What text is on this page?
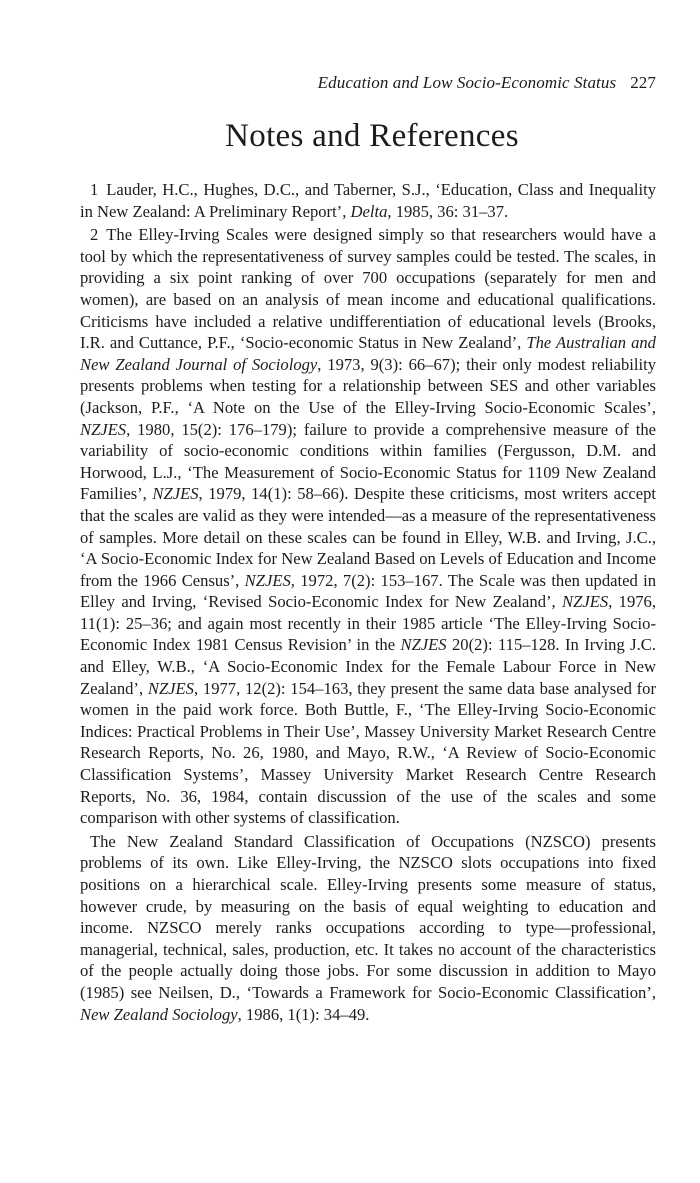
Education and Low Socio-Economic Status 227
Notes and References

1 Lauder, H.C., Hughes, D.C., and Taberner, S.J., ‘Education, Class and Inequality in New Zealand: A Preliminary Report’, Delta, 1985, 36: 31–37.

2 The Elley-Irving Scales were designed simply so that researchers would have a tool by which the representativeness of survey samples could be tested. The scales, in providing a six point ranking of over 700 occupations (separately for men and women), are based on an analysis of mean income and educational qualifications. Criticisms have included a relative undifferentiation of educational levels (Brooks, I.R. and Cuttance, P.F., ‘Socio-economic Status in New Zealand’, The Australian and New Zealand Journal of Sociology, 1973, 9(3): 66–67); their only modest reliability presents problems when testing for a relationship between SES and other variables (Jackson, P.F., ‘A Note on the Use of the Elley-Irving Socio-Economic Scales’, NZJES, 1980, 15(2): 176–179); failure to provide a comprehensive measure of the variability of socio-economic conditions within families (Fergusson, D.M. and Horwood, L.J., ‘The Measurement of Socio-Economic Status for 1109 New Zealand Families’, NZJES, 1979, 14(1): 58–66). Despite these criticisms, most writers accept that the scales are valid as they were intended—as a measure of the representativeness of samples. More detail on these scales can be found in Elley, W.B. and Irving, J.C., ‘A Socio-Economic Index for New Zealand Based on Levels of Education and Income from the 1966 Census’, NZJES, 1972, 7(2): 153–167. The Scale was then updated in Elley and Irving, ‘Revised Socio-Economic Index for New Zealand’, NZJES, 1976, 11(1): 25–36; and again most recently in their 1985 article ‘The Elley-Irving Socio-Economic Index 1981 Census Revision’ in the NZJES 20(2): 115–128. In Irving J.C. and Elley, W.B., ‘A Socio-Economic Index for the Female Labour Force in New Zealand’, NZJES, 1977, 12(2): 154–163, they present the same data base analysed for women in the paid work force. Both Buttle, F., ‘The Elley-Irving Socio-Economic Indices: Practical Problems in Their Use’, Massey University Market Research Centre Research Reports, No. 26, 1980, and Mayo, R.W., ‘A Review of Socio-Economic Classification Systems’, Massey University Market Research Centre Research Reports, No. 36, 1984, contain discussion of the use of the scales and some comparison with other systems of classification.

The New Zealand Standard Classification of Occupations (NZSCO) presents problems of its own. Like Elley-Irving, the NZSCO slots occupations into fixed positions on a hierarchical scale. Elley-Irving presents some measure of status, however crude, by measuring on the basis of equal weighting to education and income. NZSCO merely ranks occupations according to type—professional, managerial, technical, sales, production, etc. It takes no account of the characteristics of the people actually doing those jobs. For some discussion in addition to Mayo (1985) see Neilsen, D., ‘Towards a Framework for Socio-Economic Classification’, New Zealand Sociology, 1986, 1(1): 34–49.
